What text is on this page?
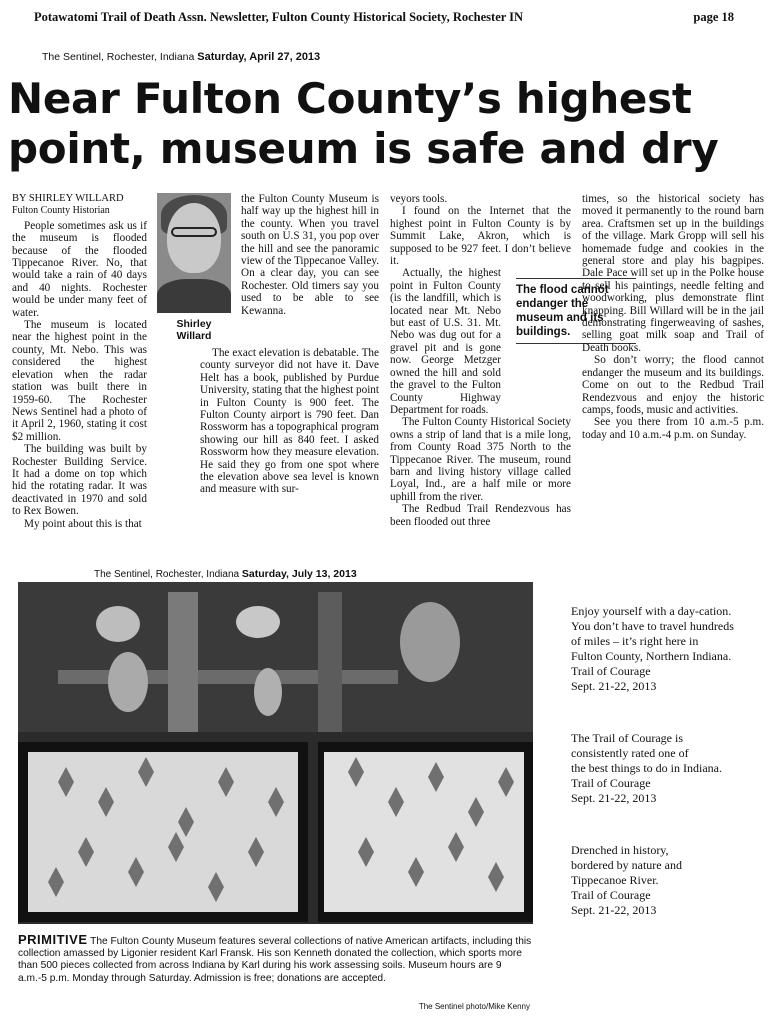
Potawatomi Trail of Death Assn. Newsletter, Fulton County Historical Society, Rochester IN	page 18
The Sentinel, Rochester, Indiana Saturday, April 27, 2013
Near Fulton County’s highest
point, museum is safe and dry

BY SHIRLEY WILLARD

Fulton County Historian

People sometimes ask us if the museum is flooded because of the flooded Tippecanoe River. No, that would take a rain of 40 days and 40 nights. Rochester would be under many feet of water.

The museum is located near the highest point in the county, Mt. Nebo. This was considered the highest elevation when the radar station was built there in 1959-60. The Rochester News Sentinel had a photo of it April 2, 1960, stating it cost $2 million.

The building was built by Rochester Building Service. It had a dome on top which hid the rotating radar. It was deactivated in 1970 and sold to Rex Bowen.

My point about this is that

Shirley
Willard

the Fulton County Museum is half way up the highest hill in the county. When you travel south on U.S 31, you pop over the hill and see the panoramic view of the Tippecanoe Valley. On a clear day, you can see Rochester. Old timers say you used to be able to see Kewanna.

The exact elevation is debatable. The county surveyor did not have it. Dave Helt has a book, published by Purdue University, stating that the highest point in Fulton County is 900 feet. The Fulton County airport is 790 feet. Dan Rossworm has a topographical program showing our hill as 840 feet. I asked Rossworm how they measure elevation. He said they go from one spot where the elevation above sea level is known and measure with sur-

veyors tools.

I found on the Internet that the highest point in Fulton County is by Summit Lake, Akron, which is supposed to be 927 feet. I don’t believe it.

Actually, the highest point in Fulton County (is the landfill, which is located near Mt. Nebo but east of U.S. 31. Mt. Nebo was dug out for a gravel pit and is gone now. George Metzger owned the hill and sold the gravel to the Fulton County Highway Department for roads.

The Fulton County Historical Society owns a strip of land that is a mile long, from County Road 375 North to the Tippecanoe River. The museum, round barn and living history village called Loyal, Ind., are a half mile or more uphill from the river.

The Redbud Trail Rendezvous has been flooded out three

The flood cannot endanger the museum and its buildings.

times, so the historical society has moved it permanently to the round barn area. Craftsmen set up in the buildings of the village. Mark Gropp will sell his homemade fudge and cookies in the general store and play his bagpipes. Dale Pace will set up in the Polke house to sell his paintings, needle felting and woodworking, plus demonstrate flint knapping. Bill Willard will be in the jail demonstrating fingerweaving of sashes, selling goat milk soap and Trail of Death books.

So don’t worry; the flood cannot endanger the museum and its buildings. Come on out to the Redbud Trail Rendezvous and enjoy the historic camps, foods, music and activities.

See you there from 10 a.m.-5 p.m. today and 10 a.m.-4 p.m. on Sunday.

The Sentinel, Rochester, Indiana Saturday, July 13, 2013

Enjoy yourself with a day-cation.

You don’t have to travel hundreds

of miles – it’s right here in

Fulton County, Northern Indiana.

Trail of Courage

Sept. 21-22, 2013

The Trail of Courage is

consistently rated one of

the best things to do in Indiana.

Trail of Courage

Sept. 21-22, 2013

Drenched in history,

bordered by nature and

Tippecanoe River.

Trail of Courage

Sept. 21-22, 2013

PRIMITIVE The Fulton County Museum features several collections of native American artifacts, including this collection amassed by Ligonier resident Karl Fransk. His son Kenneth donated the collection, which sports more than 500 pieces collected from across Indiana by Karl during his work assessing soils. Museum hours are 9 a.m.-5 p.m. Monday through Saturday. Admission is free; donations are accepted.
The Sentinel photo/Mike Kenny
